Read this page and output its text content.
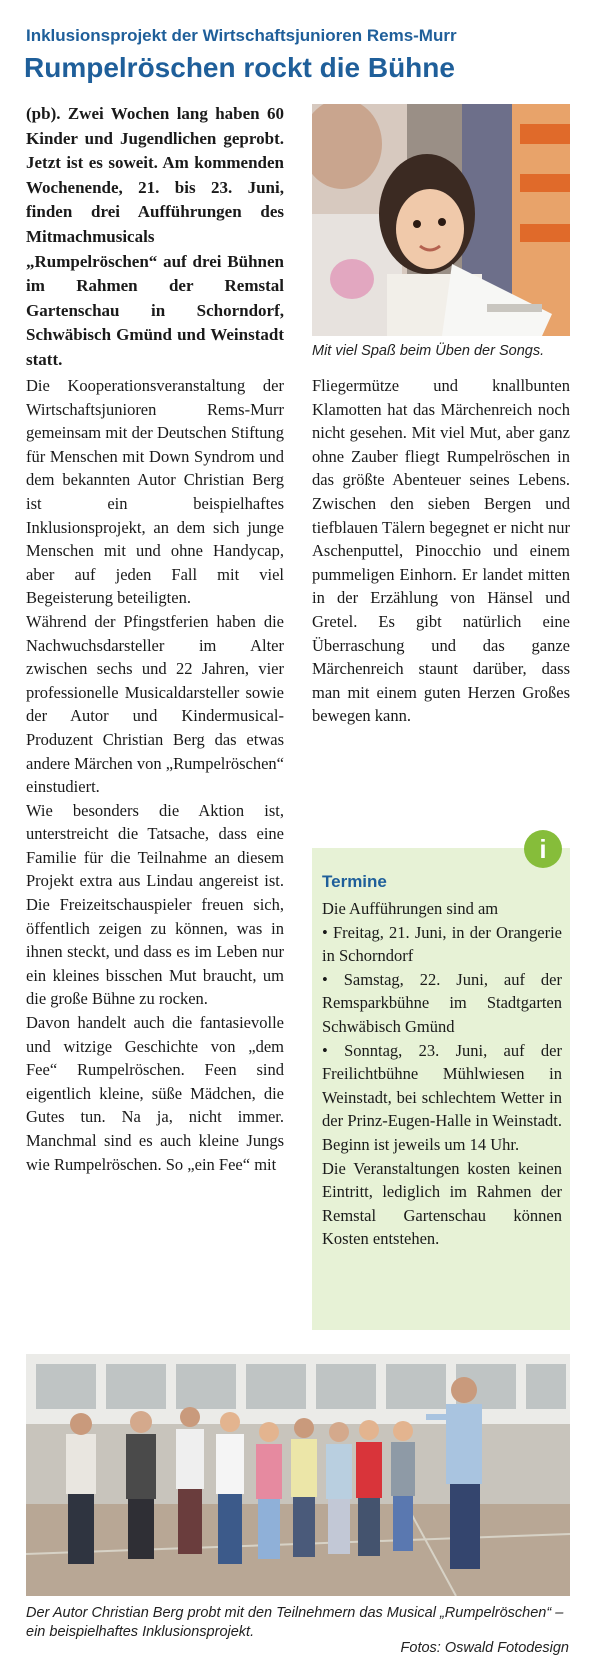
Inklusionsprojekt der Wirtschaftsjunioren Rems-Murr
Rumpelröschen rockt die Bühne
(pb). Zwei Wochen lang haben 60 Kinder und Jugendlichen geprobt. Jetzt ist es soweit. Am kommenden Wochenende, 21. bis 23. Juni, finden drei Aufführungen des Mitmachmusicals „Rumpelröschen“ auf drei Bühnen im Rahmen der Remstal Gartenschau in Schorndorf, Schwäbisch Gmünd und Weinstadt statt.	Mit viel Spaß beim Üben der Songs.

Die Kooperationsveranstaltung der Wirtschaftsjunioren Rems-Murr gemeinsam mit der Deutschen Stiftung für Menschen mit Down Syndrom und dem bekannten Autor Christian Berg ist ein beispielhaftes Inklusionsprojekt, an dem sich junge Menschen mit und ohne Handycap, aber auf jeden Fall mit viel Begeisterung beteiligten.

Während der Pfingstferien haben die Nachwuchsdarsteller im Alter zwischen sechs und 22 Jahren, vier professionelle Musicaldarsteller sowie der Autor und Kindermusical-Produzent Christian Berg das etwas andere Märchen von „Rumpelröschen“ einstudiert.

Wie besonders die Aktion ist, unterstreicht die Tatsache, dass eine Familie für die Teilnahme an diesem Projekt extra aus Lindau angereist ist. Die Freizeitschauspieler freuen sich, öffentlich zeigen zu können, was in ihnen steckt, und dass es im Leben nur ein kleines bisschen Mut braucht, um die große Bühne zu rocken.

Davon handelt auch die fantasievolle und witzige Geschichte von „dem Fee“ Rumpelröschen. Feen sind eigentlich kleine, süße Mädchen, die Gutes tun. Na ja, nicht immer. Manchmal sind es auch kleine Jungs wie Rumpelröschen. So „ein Fee“ mit

Fliegermütze und knallbunten Klamotten hat das Märchenreich noch nicht gesehen. Mit viel Mut, aber ganz ohne Zauber fliegt Rumpelröschen in das größte Abenteuer seines Lebens. Zwischen den sieben Bergen und tiefblauen Tälern begegnet er nicht nur Aschenputtel, Pinocchio und einem pummeligen Einhorn. Er landet mitten in der Erzählung von Hänsel und Gretel. Es gibt natürlich eine Überraschung und das ganze Märchenreich staunt darüber, dass man mit einem guten Herzen Großes bewegen kann.

i
Termine

Die Aufführungen sind am

• Freitag, 21. Juni, in der Orangerie in Schorndorf

• Samstag, 22. Juni, auf der Remsparkbühne im Stadtgarten Schwäbisch Gmünd

• Sonntag, 23. Juni, auf der Freilichtbühne Mühlwiesen in Weinstadt, bei schlechtem Wetter in der Prinz-Eugen-Halle in Weinstadt. Beginn ist jeweils um 14 Uhr.

Die Veranstaltungen kosten keinen Eintritt, lediglich im Rahmen der Remstal Gartenschau können Kosten entstehen.

Der Autor Christian Berg probt mit den Teilnehmern das Musical „Rumpelröschen“ – ein beispielhaftes Inklusionsprojekt.
Fotos: Oswald Fotodesign
